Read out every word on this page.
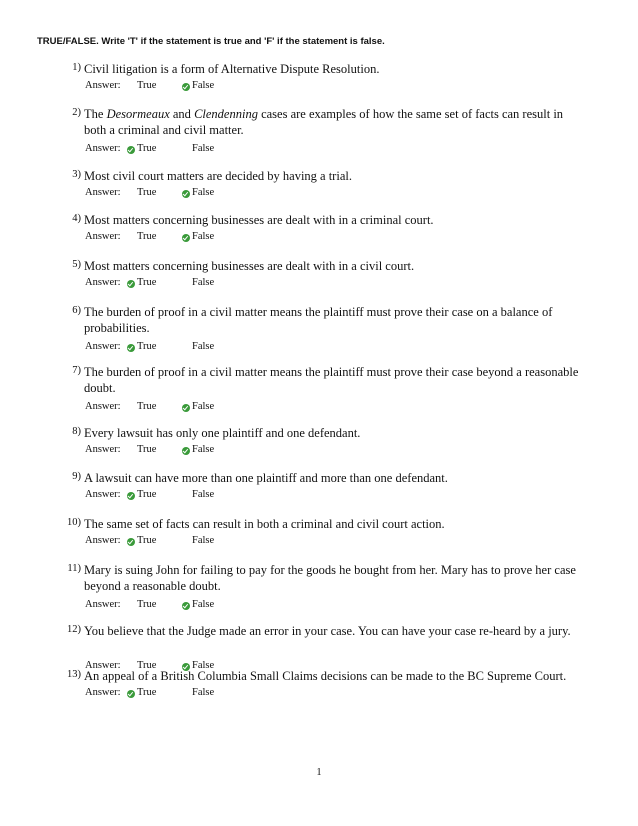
TRUE/FALSE. Write 'T' if the statement is true and 'F' if the statement is false.
1) Civil litigation is a form of Alternative Dispute Resolution.
Answer: True	False
2) The Desormeaux and Clendenning cases are examples of how the same set of facts can result in both a criminal and civil matter.
Answer: True	False
3) Most civil court matters are decided by having a trial.
Answer: True	False
4) Most matters concerning businesses are dealt with in a criminal court.
Answer: True	False
5) Most matters concerning businesses are dealt with in a civil court.
Answer: True	False
6) The burden of proof in a civil matter means the plaintiff must prove their case on a balance of probabilities.
Answer: True	False
7) The burden of proof in a civil matter means the plaintiff must prove their case beyond a reasonable doubt.
Answer: True	False
8) Every lawsuit has only one plaintiff and one defendant.
Answer: True	False
9) A lawsuit can have more than one plaintiff and more than one defendant.
Answer: True	False
10) The same set of facts can result in both a criminal and civil court action.
Answer: True	False
11) Mary is suing John for failing to pay for the goods he bought from her. Mary has to prove her case beyond a reasonable doubt.
Answer: True	False
12) You believe that the Judge made an error in your case. You can have your case re-heard by a jury.
Answer: True	False
13) An appeal of a British Columbia Small Claims decisions can be made to the BC Supreme Court.
Answer: True	False
1
